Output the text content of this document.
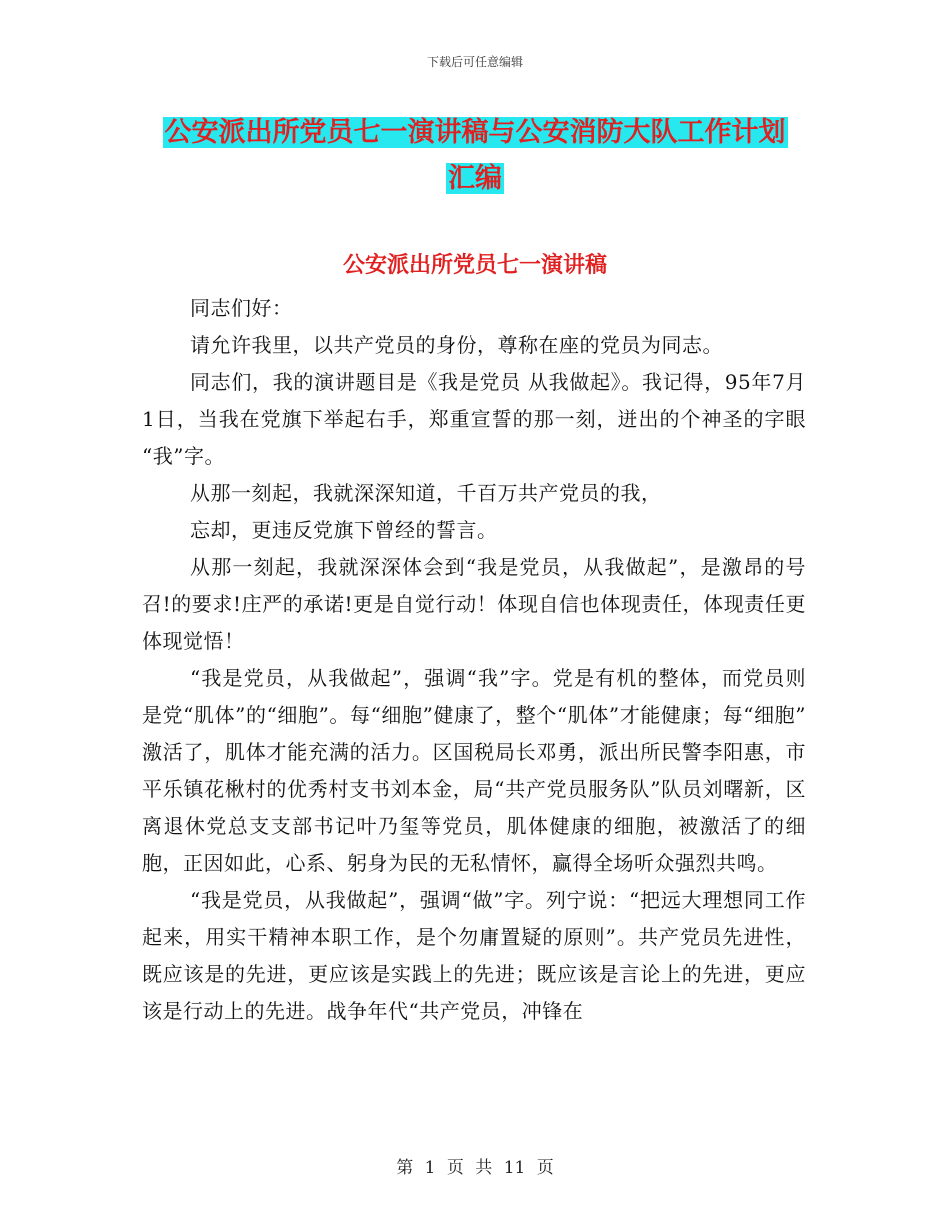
下载后可任意编辑
公安派出所党员七一演讲稿与公安消防大队工作计划
汇编
公安派出所党员七一演讲稿

同志们好：

请允许我里，以共产党员的身份，尊称在座的党员为同志。

同志们，我的演讲题目是《我是党员 从我做起》。我记得，95年7月1日，当我在党旗下举起右手，郑重宣誓的那一刻，迸出的个神圣的字眼 “我”字。

从那一刻起，我就深深知道，千百万共产党员的我，

忘却，更违反党旗下曾经的誓言。

从那一刻起，我就深深体会到“我是党员，从我做起”，是激昂的号召!的要求!庄严的承诺!更是自觉行动！体现自信也体现责任，体现责任更体现觉悟！

“我是党员，从我做起”，强调“我”字。党是有机的整体，而党员则是党“肌体”的“细胞”。每“细胞”健康了，整个“肌体”才能健康；每“细胞” 激活了，肌体才能充满的活力。区国税局长邓勇，派出所民警李阳惠，市平乐镇花楸村的优秀村支书刘本金，局“共产党员服务队”队员刘曙新，区离退休党总支支部书记叶乃玺等党员，肌体健康的细胞，被激活了的细胞，正因如此，心系、躬身为民的无私情怀，赢得全场听众强烈共鸣。

“我是党员，从我做起”，强调“做”字。列宁说：“把远大理想同工作起来，用实干精神本职工作，是个勿庸置疑的原则”。共产党员先进性，既应该是的先进，更应该是实践上的先进；既应该是言论上的先进，更应该是行动上的先进。战争年代“共产党员，冲锋在

第 1 页 共 11 页
